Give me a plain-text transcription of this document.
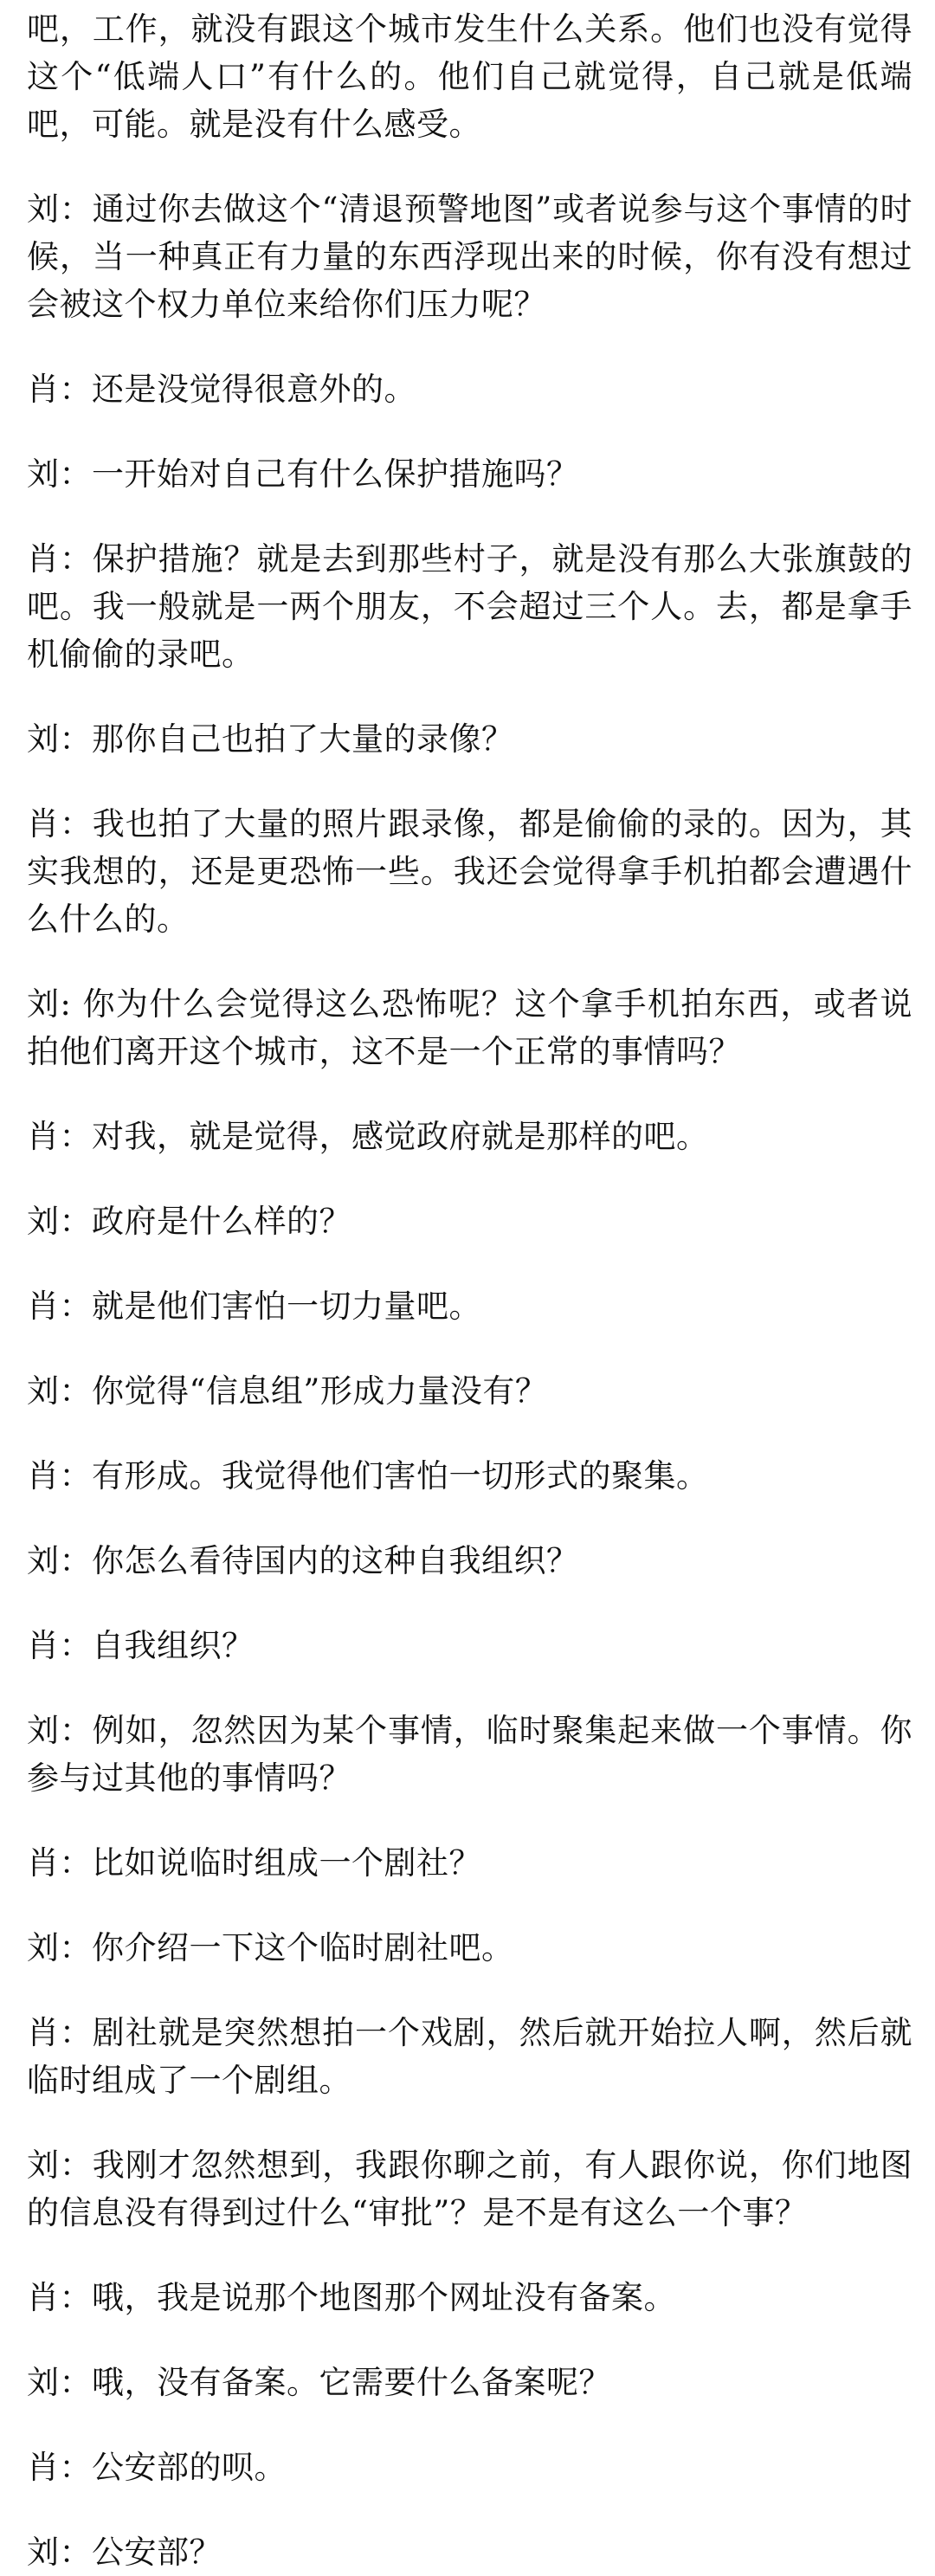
吧，工作，就没有跟这个城市发生什么关系。他们也没有觉得这个“低端人口”有什么的。他们自己就觉得，自己就是低端吧，可能。就是没有什么感受。

刘：通过你去做这个“清退预警地图”或者说参与这个事情的时候，当一种真正有力量的东西浮现出来的时候，你有没有想过会被这个权力单位来给你们压力呢？

肖：还是没觉得很意外的。

刘：一开始对自己有什么保护措施吗？

肖：保护措施？就是去到那些村子，就是没有那么大张旗鼓的吧。我一般就是一两个朋友，不会超过三个人。去，都是拿手机偷偷的录吧。

刘：那你自己也拍了大量的录像？

肖：我也拍了大量的照片跟录像，都是偷偷的录的。因为，其实我想的，还是更恐怖一些。我还会觉得拿手机拍都会遭遇什么什么的。

刘: 你为什么会觉得这么恐怖呢？这个拿手机拍东西，或者说拍他们离开这个城市，这不是一个正常的事情吗？

肖：对我，就是觉得，感觉政府就是那样的吧。

刘：政府是什么样的？

肖：就是他们害怕一切力量吧。

刘：你觉得“信息组”形成力量没有？

肖：有形成。我觉得他们害怕一切形式的聚集。

刘：你怎么看待国内的这种自我组织？

肖：自我组织？

刘：例如，忽然因为某个事情，临时聚集起来做一个事情。你参与过其他的事情吗？

肖：比如说临时组成一个剧社？

刘：你介绍一下这个临时剧社吧。

肖：剧社就是突然想拍一个戏剧，然后就开始拉人啊，然后就临时组成了一个剧组。

刘：我刚才忽然想到，我跟你聊之前，有人跟你说，你们地图的信息没有得到过什么“审批”？是不是有这么一个事？

肖：哦，我是说那个地图那个网址没有备案。

刘：哦，没有备案。它需要什么备案呢？

肖：公安部的呗。

刘：公安部？
